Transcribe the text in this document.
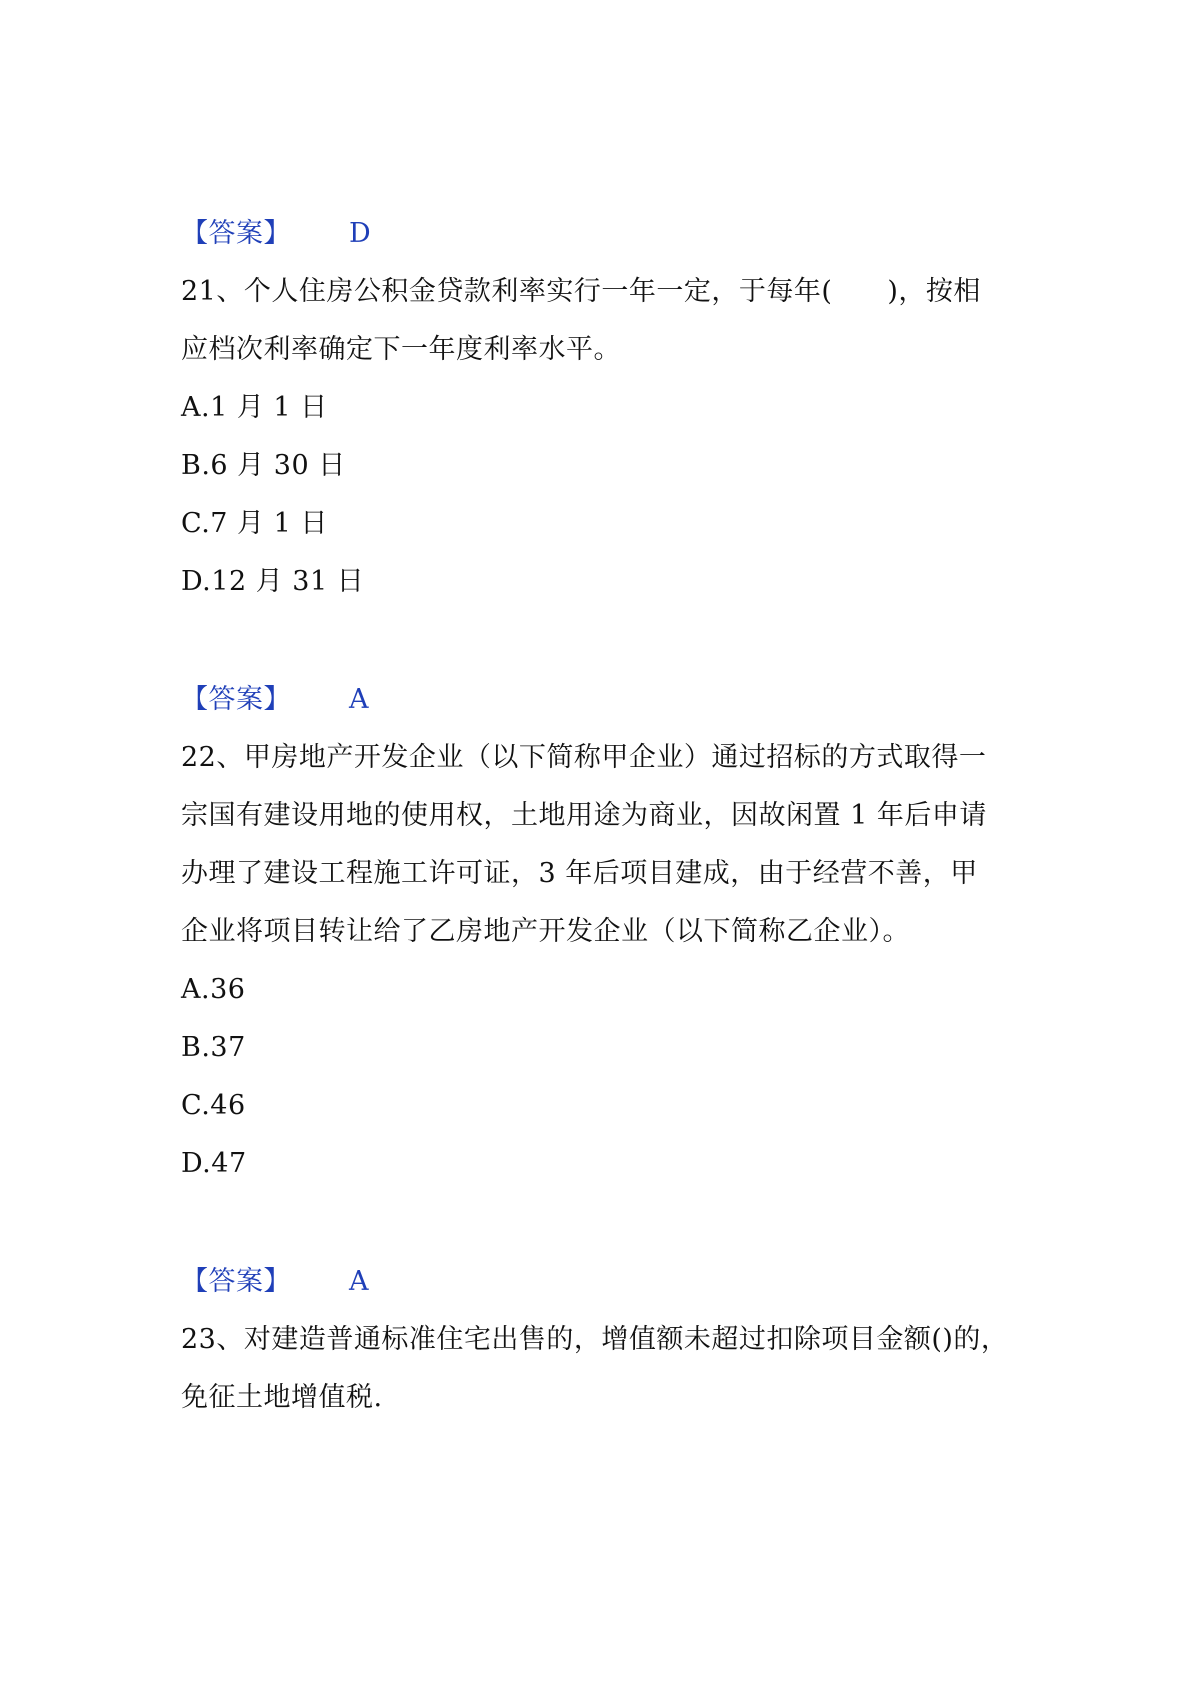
【答案】 D
21、个人住房公积金贷款利率实行一年一定，于每年(　　)，按相
应档次利率确定下一年度利率水平。
A.1 月 1 日
B.6 月 30 日
C.7 月 1 日
D.12 月 31 日
【答案】 A
22、甲房地产开发企业（以下简称甲企业）通过招标的方式取得一
宗国有建设用地的使用权，土地用途为商业，因故闲置 1 年后申请
办理了建设工程施工许可证，3 年后项目建成，由于经营不善，甲
企业将项目转让给了乙房地产开发企业（以下简称乙企业）。
A.36
B.37
C.46
D.47
【答案】 A
23、对建造普通标准住宅出售的，增值额未超过扣除项目金额()的，
免征土地增值税.
